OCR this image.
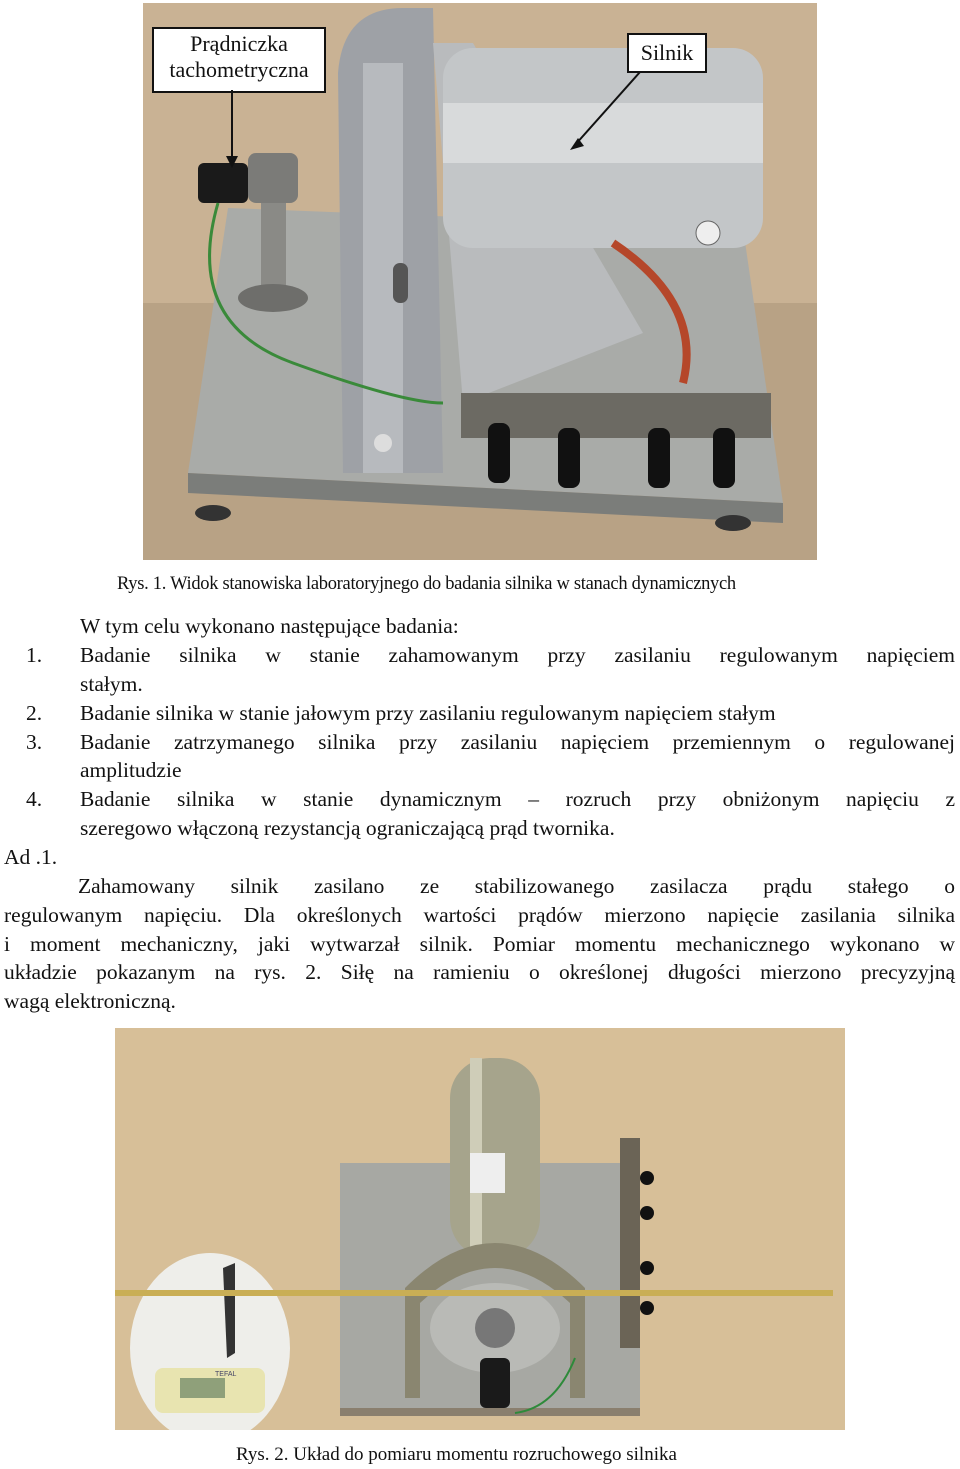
Prądniczka
tachometryczna
Silnik
Rys. 1. Widok stanowiska laboratoryjnego do badania silnika w stanach dynamicznych
W tym celu wykonano następujące badania:
1. Badanie silnika w stanie zahamowanym przy zasilaniu regulowanym napięciem
stałym.
2. Badanie silnika w stanie jałowym przy zasilaniu regulowanym napięciem stałym
3. Badanie zatrzymanego silnika przy zasilaniu napięciem przemiennym o regulowanej
amplitudzie
4. Badanie silnika w stanie dynamicznym – rozruch przy obniżonym napięciu z
szeregowo włączoną rezystancją ograniczającą prąd twornika.
Ad .1.
Zahamowany silnik zasilano ze stabilizowanego zasilacza prądu stałego o
regulowanym napięciu. Dla określonych wartości prądów mierzono napięcie zasilania silnika
i moment mechaniczny, jaki wytwarzał silnik. Pomiar momentu mechanicznego wykonano w
układzie pokazanym na rys. 2. Siłę na ramieniu o określonej długości mierzono precyzyjną
wagą elektroniczną.
TEFAL
Rys. 2. Układ do pomiaru momentu rozruchowego silnika
